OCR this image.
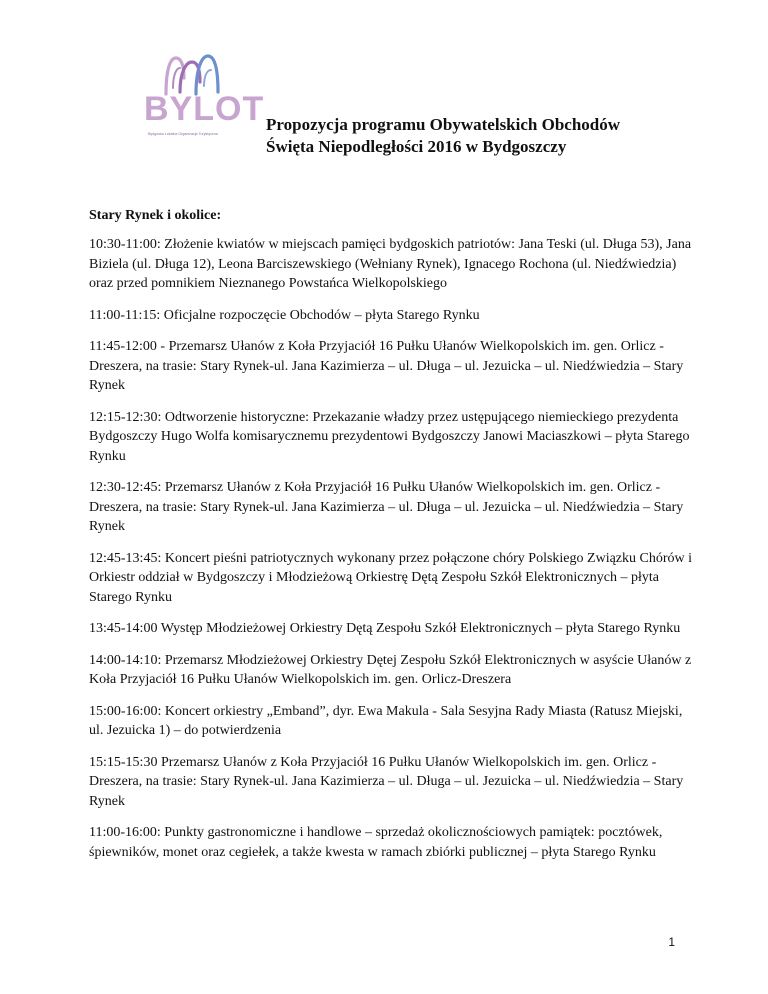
BYLOT
Bydgoska Lokalna Organizacja Turystyczna	Propozycja programu Obywatelskich Obchodów
Święta Niepodległości 2016 w Bydgoszczy
Stary Rynek i okolice:

10:30-11:00: Złożenie kwiatów w miejscach pamięci bydgoskich patriotów: Jana Teski (ul. Długa 53), Jana Biziela (ul. Długa 12), Leona Barciszewskiego (Wełniany Rynek), Ignacego Rochona (ul. Niedźwiedzia) oraz przed pomnikiem Nieznanego Powstańca Wielkopolskiego

11:00-11:15: Oficjalne rozpoczęcie Obchodów – płyta Starego Rynku

11:45-12:00 - Przemarsz Ułanów z Koła Przyjaciół 16 Pułku Ułanów Wielkopolskich im. gen. Orlicz - Dreszera, na trasie: Stary Rynek-ul. Jana Kazimierza – ul. Długa – ul. Jezuicka – ul. Niedźwiedzia – Stary Rynek

12:15-12:30: Odtworzenie historyczne: Przekazanie władzy przez ustępującego niemieckiego prezydenta Bydgoszczy Hugo Wolfa komisarycznemu prezydentowi Bydgoszczy Janowi Maciaszkowi – płyta Starego Rynku

12:30-12:45: Przemarsz Ułanów z Koła Przyjaciół 16 Pułku Ułanów Wielkopolskich im. gen. Orlicz - Dreszera, na trasie: Stary Rynek-ul. Jana Kazimierza – ul. Długa – ul. Jezuicka – ul. Niedźwiedzia – Stary Rynek

12:45-13:45: Koncert pieśni patriotycznych wykonany przez połączone chóry Polskiego Związku Chórów i Orkiestr oddział w Bydgoszczy i Młodzieżową Orkiestrę Dętą Zespołu Szkół Elektronicznych – płyta Starego Rynku

13:45-14:00 Występ Młodzieżowej Orkiestry Dętą Zespołu Szkół Elektronicznych – płyta Starego Rynku

14:00-14:10: Przemarsz Młodzieżowej Orkiestry Dętej Zespołu Szkół Elektronicznych w asyście Ułanów z Koła Przyjaciół 16 Pułku Ułanów Wielkopolskich im. gen. Orlicz-Dreszera

15:00-16:00: Koncert orkiestry „Emband”, dyr. Ewa Makula - Sala Sesyjna Rady Miasta (Ratusz Miejski, ul. Jezuicka 1) – do potwierdzenia

15:15-15:30 Przemarsz Ułanów z Koła Przyjaciół 16 Pułku Ułanów Wielkopolskich im. gen. Orlicz - Dreszera, na trasie: Stary Rynek-ul. Jana Kazimierza – ul. Długa – ul. Jezuicka – ul. Niedźwiedzia – Stary Rynek

11:00-16:00: Punkty gastronomiczne i handlowe – sprzedaż okolicznościowych pamiątek: pocztówek, śpiewników, monet oraz cegiełek, a także kwesta w ramach zbiórki publicznej – płyta Starego Rynku

1
